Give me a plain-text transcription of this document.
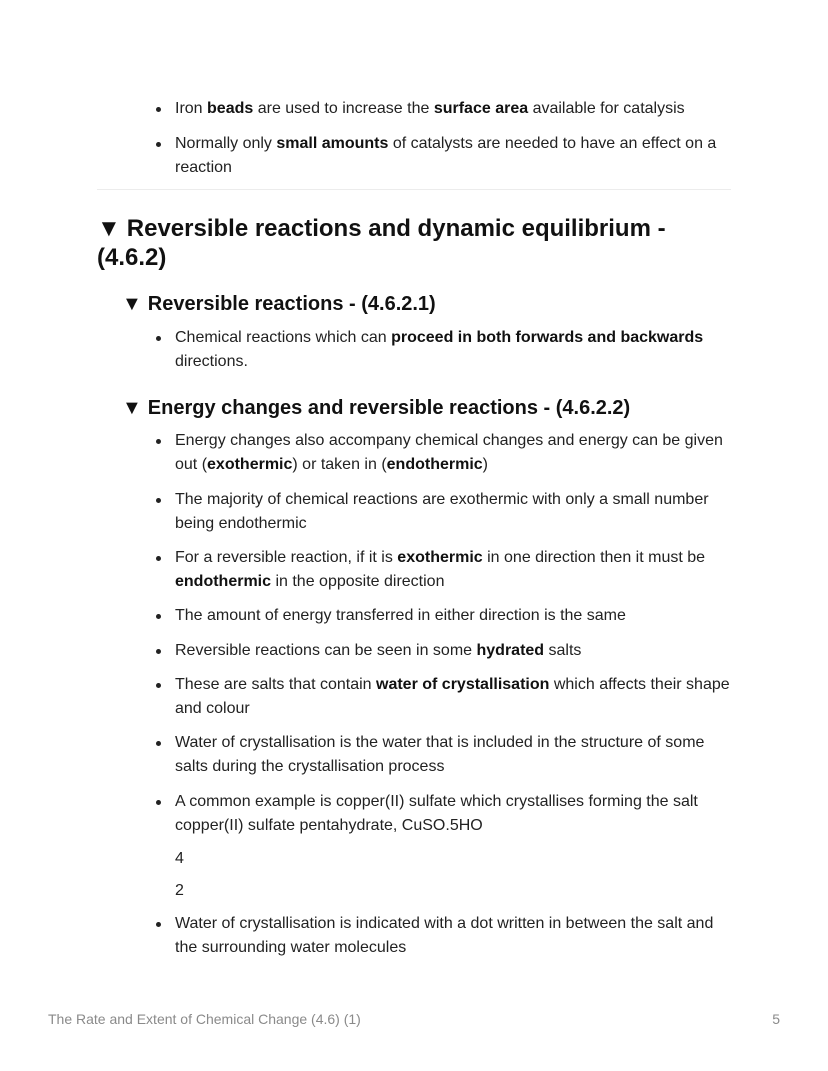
Iron beads are used to increase the surface area available for catalysis
Normally only small amounts of catalysts are needed to have an effect on a reaction
▼ Reversible reactions and dynamic equilibrium - (4.6.2)
▼ Reversible reactions - (4.6.2.1)
Chemical reactions which can proceed in both forwards and backwards directions.
▼ Energy changes and reversible reactions - (4.6.2.2)
Energy changes also accompany chemical changes and energy can be given out (exothermic) or taken in (endothermic)
The majority of chemical reactions are exothermic with only a small number being endothermic
For a reversible reaction, if it is exothermic in one direction then it must be endothermic in the opposite direction
The amount of energy transferred in either direction is the same
Reversible reactions can be seen in some hydrated salts
These are salts that contain water of crystallisation which affects their shape and colour
Water of crystallisation is the water that is included in the structure of some salts during the crystallisation process
A common example is copper(II) sulfate which crystallises forming the salt copper(II) sulfate pentahydrate, CuSO.5HO
Water of crystallisation is indicated with a dot written in between the salt and the surrounding water molecules
4
2
The Rate and Extent of Chemical Change (4.6) (1)	5
